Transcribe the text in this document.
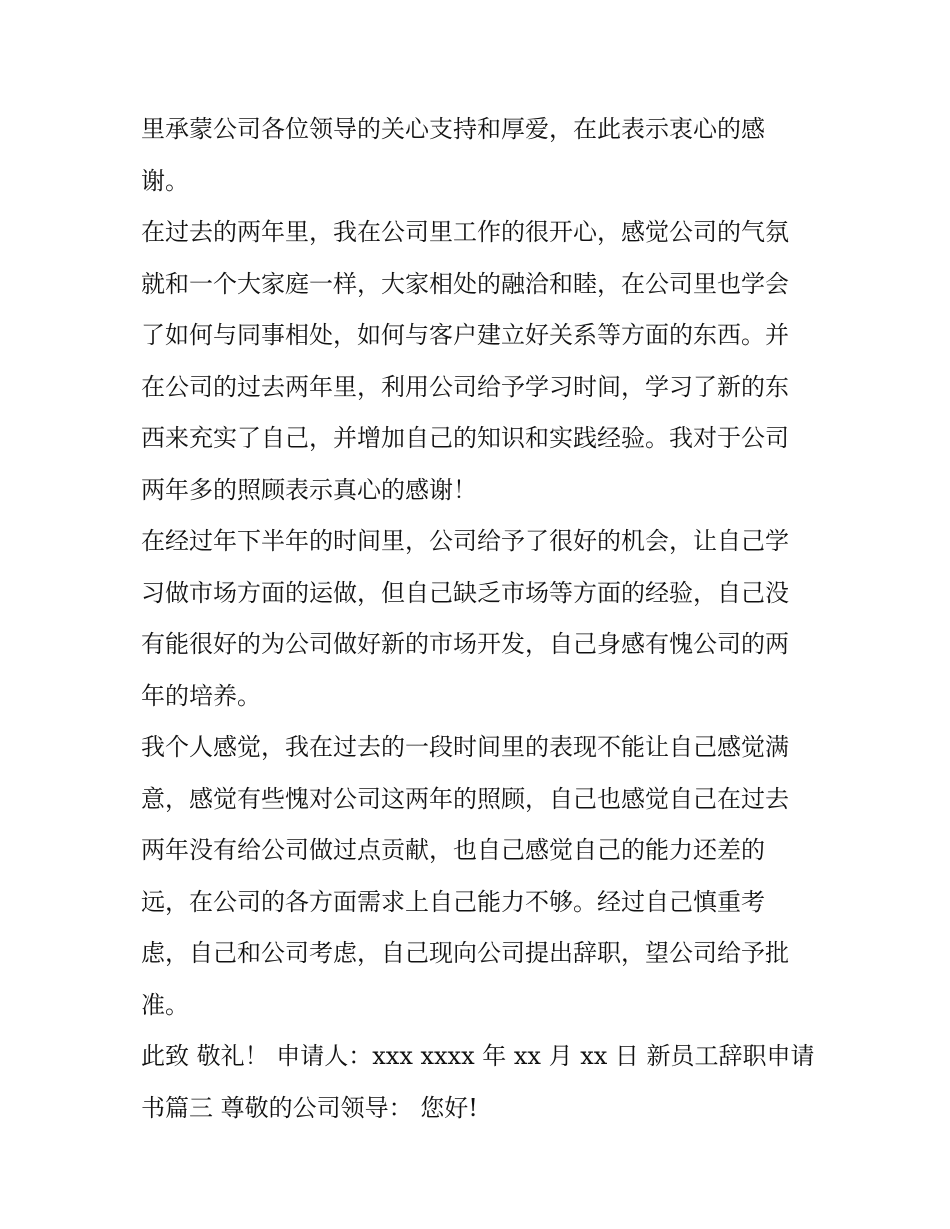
里承蒙公司各位领导的关心支持和厚爱，在此表示衷心的感
谢。
在过去的两年里，我在公司里工作的很开心，感觉公司的气氛
就和一个大家庭一样，大家相处的融洽和睦，在公司里也学会
了如何与同事相处，如何与客户建立好关系等方面的东西。并
在公司的过去两年里，利用公司给予学习时间，学习了新的东
西来充实了自己，并增加自己的知识和实践经验。我对于公司
两年多的照顾表示真心的感谢！
在经过年下半年的时间里，公司给予了很好的机会，让自己学
习做市场方面的运做，但自己缺乏市场等方面的经验，自己没
有能很好的为公司做好新的市场开发，自己身感有愧公司的两
年的培养。
我个人感觉，我在过去的一段时间里的表现不能让自己感觉满
意，感觉有些愧对公司这两年的照顾，自己也感觉自己在过去
两年没有给公司做过点贡献，也自己感觉自己的能力还差的
远，在公司的各方面需求上自己能力不够。经过自己慎重考
虑，自己和公司考虑，自己现向公司提出辞职，望公司给予批
准。
此致 敬礼！ 申请人：xxx xxxx 年 xx 月 xx 日 新员工辞职申请
书篇三 尊敬的公司领导： 您好!
